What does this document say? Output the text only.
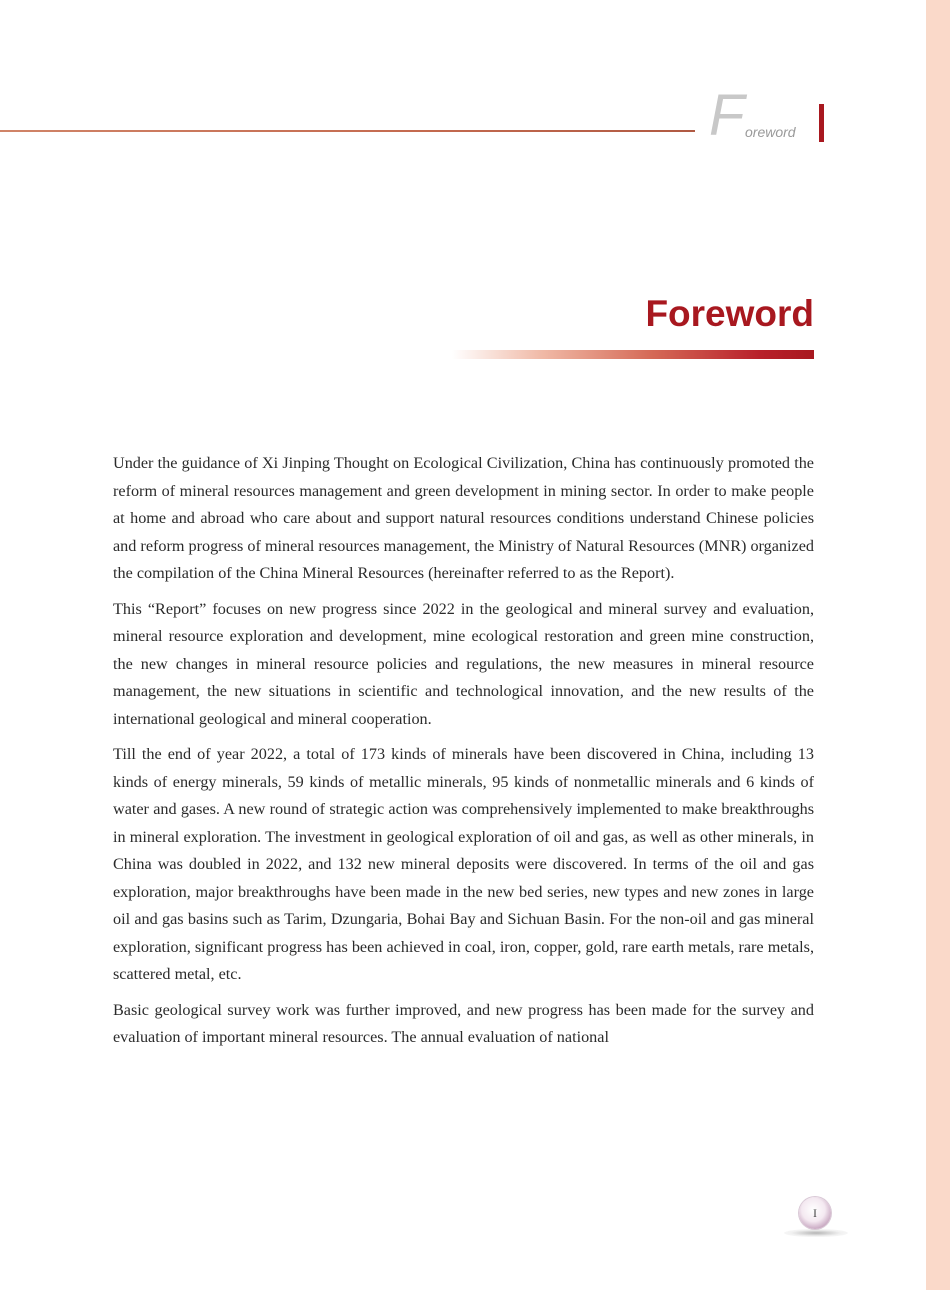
F oreword
Foreword

Under the guidance of Xi Jinping Thought on Ecological Civilization, China has continuously promoted the reform of mineral resources management and green development in mining sector. In order to make people at home and abroad who care about and support natural resources conditions understand Chinese policies and reform progress of mineral resources management, the Ministry of Natural Resources (MNR) organized the compilation of the China Mineral Resources (hereinafter referred to as the Report).

This “Report” focuses on new progress since 2022 in the geological and mineral survey and evaluation, mineral resource exploration and development, mine ecological restoration and green mine construction, the new changes in mineral resource policies and regulations, the new measures in mineral resource management, the new situations in scientific and technological innovation, and the new results of the international geological and mineral cooperation.

Till the end of year 2022, a total of 173 kinds of minerals have been discovered in China, including 13 kinds of energy minerals, 59 kinds of metallic minerals, 95 kinds of nonmetallic minerals and 6 kinds of water and gases. A new round of strategic action was comprehensively implemented to make breakthroughs in mineral exploration. The investment in geological exploration of oil and gas, as well as other minerals, in China was doubled in 2022, and 132 new mineral deposits were discovered. In terms of the oil and gas exploration, major breakthroughs have been made in the new bed series, new types and new zones in large oil and gas basins such as Tarim, Dzungaria, Bohai Bay and Sichuan Basin. For the non-oil and gas mineral exploration, significant progress has been achieved in coal, iron, copper, gold, rare earth metals, rare metals, scattered metal, etc.

Basic geological survey work was further improved, and new progress has been made for the survey and evaluation of important mineral resources. The annual evaluation of national

I
